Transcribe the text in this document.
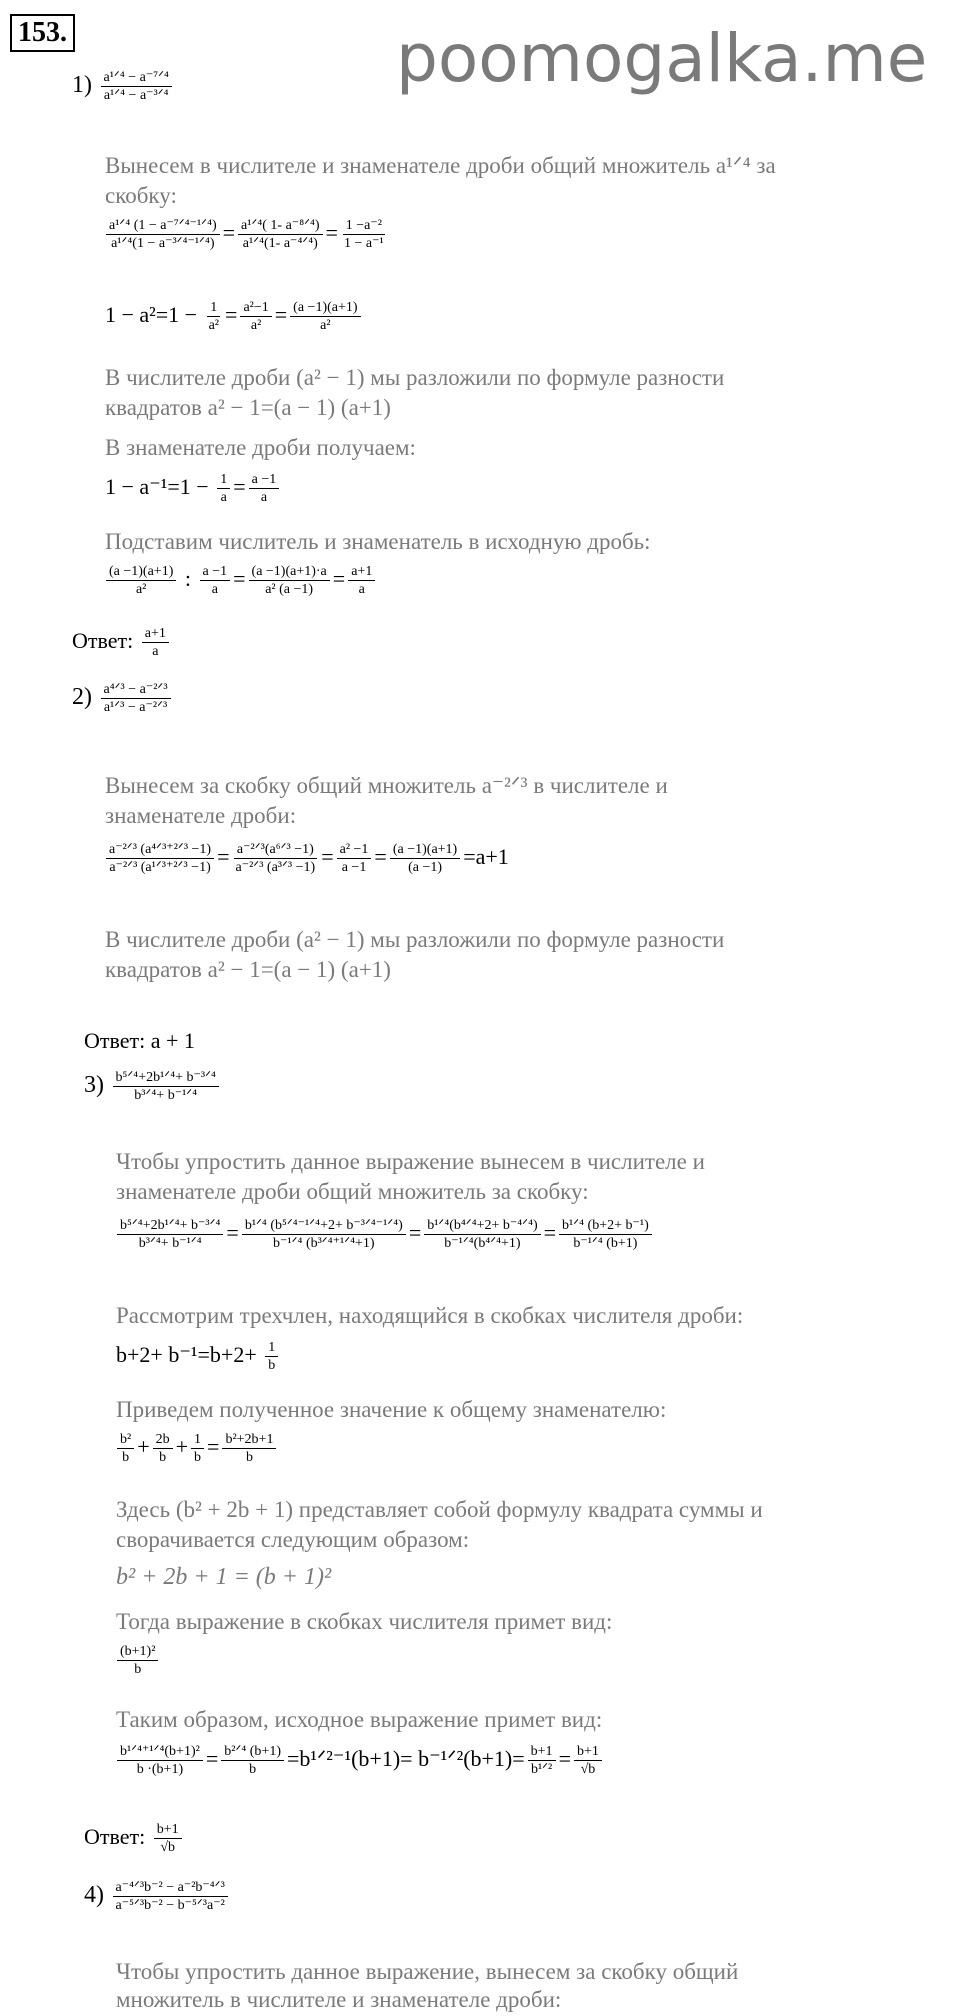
153.	poomogalka.me
$1) \frac{\text{a¹ᐟ⁴ − a⁻⁷ᐟ⁴}}{\text{a¹ᐟ⁴ − a⁻³ᐟ⁴}}$
Вынесем в числителе и знаменателе дроби общий множитель a¹ᐟ⁴ за
скобку:
$\frac{\text{a¹ᐟ⁴ (1 − a⁻⁷ᐟ⁴⁻¹ᐟ⁴)}}{\text{a¹ᐟ⁴(1 − a⁻³ᐟ⁴⁻¹ᐟ⁴)}} = \frac{\text{a¹ᐟ⁴( 1- a⁻⁸ᐟ⁴)}}{\text{a¹ᐟ⁴(1- a⁻⁴ᐟ⁴)}} = \frac{\text{1 −a⁻²}}{\text{1 − a⁻¹}}$
$1 - a^2=1 - \frac{1}{\text{a²}} = \frac{\text{a²−1}}{\text{a²}} = \frac{(a -1)(a+1)}{\text{a²}}$
В числителе дроби (a² − 1) мы разложили по формуле разности
квадратов a² − 1=(a − 1) (a+1)
В знаменателе дроби получаем:
$1 - a^{-1}=1 - \frac{1}{a} = \frac{a -1}{a}$
Подставим числитель и знаменатель в исходную дробь:
$\frac{(a -1)(a+1)}{\text{a²}}$ : $\frac{a -1}{a} = \frac{(a -1)(a+1)\cdot a}{\text{a² (a −1)}} = \frac{a+1}{a}$
Ответ: $\frac{a+1}{a}$
$2) \frac{\text{a⁴ᐟ³ − a⁻²ᐟ³}}{\text{a¹ᐟ³ − a⁻²ᐟ³}}$
Вынесем за скобку общий множитель a⁻²ᐟ³ в числителе и
знаменателе дроби:
$\frac{\text{a⁻²ᐟ³ (a⁴ᐟ³⁺²ᐟ³ −1)}}{\text{a⁻²ᐟ³ (a¹ᐟ³⁺²ᐟ³ −1)}} = \frac{\text{a⁻²ᐟ³(a⁶ᐟ³ −1)}}{\text{a⁻²ᐟ³ (a³ᐟ³ −1)}} = \frac{\text{a² −1}}{a -1} = \frac{(a -1)(a+1)}{(a -1)} =a+1$
В числителе дроби (a² − 1) мы разложили по формуле разности
квадратов a² − 1=(a − 1) (a+1)
Ответ: a + 1
$3) \frac{\text{b⁵ᐟ⁴+2b¹ᐟ⁴+ b⁻³ᐟ⁴}}{\text{b³ᐟ⁴+ b⁻¹ᐟ⁴}}$
Чтобы упростить данное выражение вынесем в числителе и
знаменателе дроби общий множитель за скобку:
$\frac{\text{b⁵ᐟ⁴+2b¹ᐟ⁴+ b⁻³ᐟ⁴}}{\text{b³ᐟ⁴+ b⁻¹ᐟ⁴}} = \frac{\text{b¹ᐟ⁴ (b⁵ᐟ⁴⁻¹ᐟ⁴+2+ b⁻³ᐟ⁴⁻¹ᐟ⁴)}}{\text{b⁻¹ᐟ⁴ (b³ᐟ⁴⁺¹ᐟ⁴+1)}} = \frac{\text{b¹ᐟ⁴(b⁴ᐟ⁴+2+ b⁻⁴ᐟ⁴)}}{\text{b⁻¹ᐟ⁴(b⁴ᐟ⁴+1)}} = \frac{\text{b¹ᐟ⁴ (b+2+ b⁻¹)}}{\text{b⁻¹ᐟ⁴ (b+1)}}$
Рассмотрим трехчлен, находящийся в скобках числителя дроби:
$b+2+ b^{-1}=b+2+ \frac{1}{b}$
Приведем полученное значение к общему знаменателю:
$\frac{\text{b²}}{b} + \frac{2b}{b} + \frac{1}{b} = \frac{\text{b²+2b+1}}{b}$
Здесь (b² + 2b + 1) представляет собой формулу квадрата суммы и
сворачивается следующим образом:
b² + 2b + 1 = (b + 1)²
Тогда выражение в скобках числителя примет вид:
$\frac{\text{(b+1)²}}{b}$
Таким образом, исходное выражение примет вид:
$\frac{\text{b¹ᐟ⁴⁺¹ᐟ⁴(b+1)²}}{b \cdot(b+1)} = \frac{\text{b²ᐟ⁴ (b+1)}}{b}$ =b¹ᐟ²⁻¹(b+1)= b⁻¹ᐟ²(b+1)= $\frac{b+1}{\text{b¹ᐟ²}} = \frac{b+1}{√b}$
Ответ: $\frac{b+1}{√b}$
$4) \frac{\text{a⁻⁴ᐟ³b⁻² − a⁻²b⁻⁴ᐟ³}}{\text{a⁻⁵ᐟ³b⁻² − b⁻⁵ᐟ³a⁻²}}$
Чтобы упростить данное выражение, вынесем за скобку общий
множитель в числителе и знаменателе дроби:
